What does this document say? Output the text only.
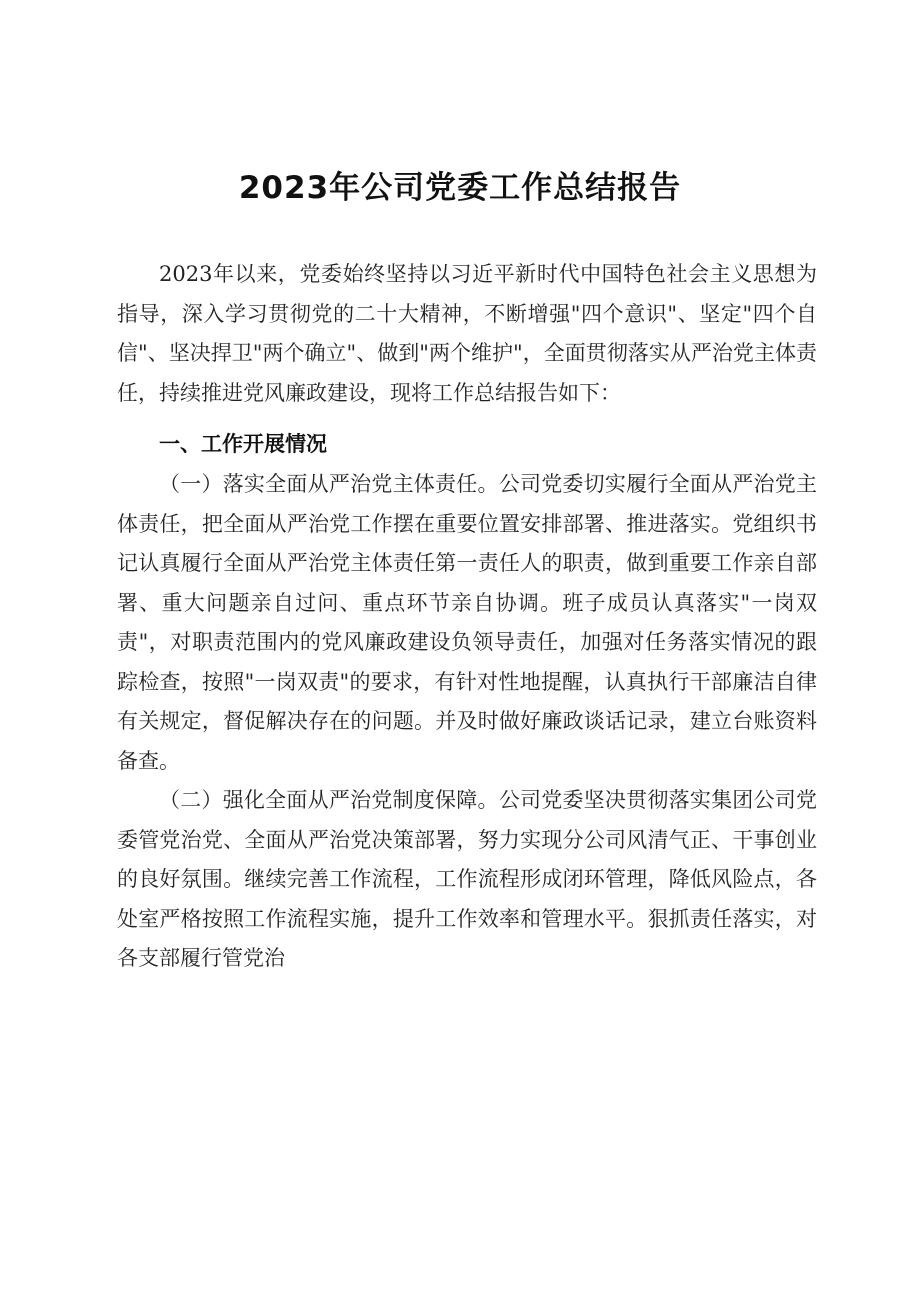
2023年公司党委工作总结报告

2023年以来，党委始终坚持以习近平新时代中国特色社会主义思想为指导，深入学习贯彻党的二十大精神，不断增强"四个意识"、坚定"四个自信"、坚决捍卫"两个确立"、做到"两个维护"，全面贯彻落实从严治党主体责任，持续推进党风廉政建设，现将工作总结报告如下：

一、工作开展情况

（一）落实全面从严治党主体责任。公司党委切实履行全面从严治党主体责任，把全面从严治党工作摆在重要位置安排部署、推进落实。党组织书记认真履行全面从严治党主体责任第一责任人的职责，做到重要工作亲自部署、重大问题亲自过问、重点环节亲自协调。班子成员认真落实"一岗双责"，对职责范围内的党风廉政建设负领导责任，加强对任务落实情况的跟踪检查，按照"一岗双责"的要求，有针对性地提醒，认真执行干部廉洁自律有关规定，督促解决存在的问题。并及时做好廉政谈话记录，建立台账资料备查。

（二）强化全面从严治党制度保障。公司党委坚决贯彻落实集团公司党委管党治党、全面从严治党决策部署，努力实现分公司风清气正、干事创业的良好氛围。继续完善工作流程，工作流程形成闭环管理，降低风险点，各处室严格按照工作流程实施，提升工作效率和管理水平。狠抓责任落实，对各支部履行管党治
